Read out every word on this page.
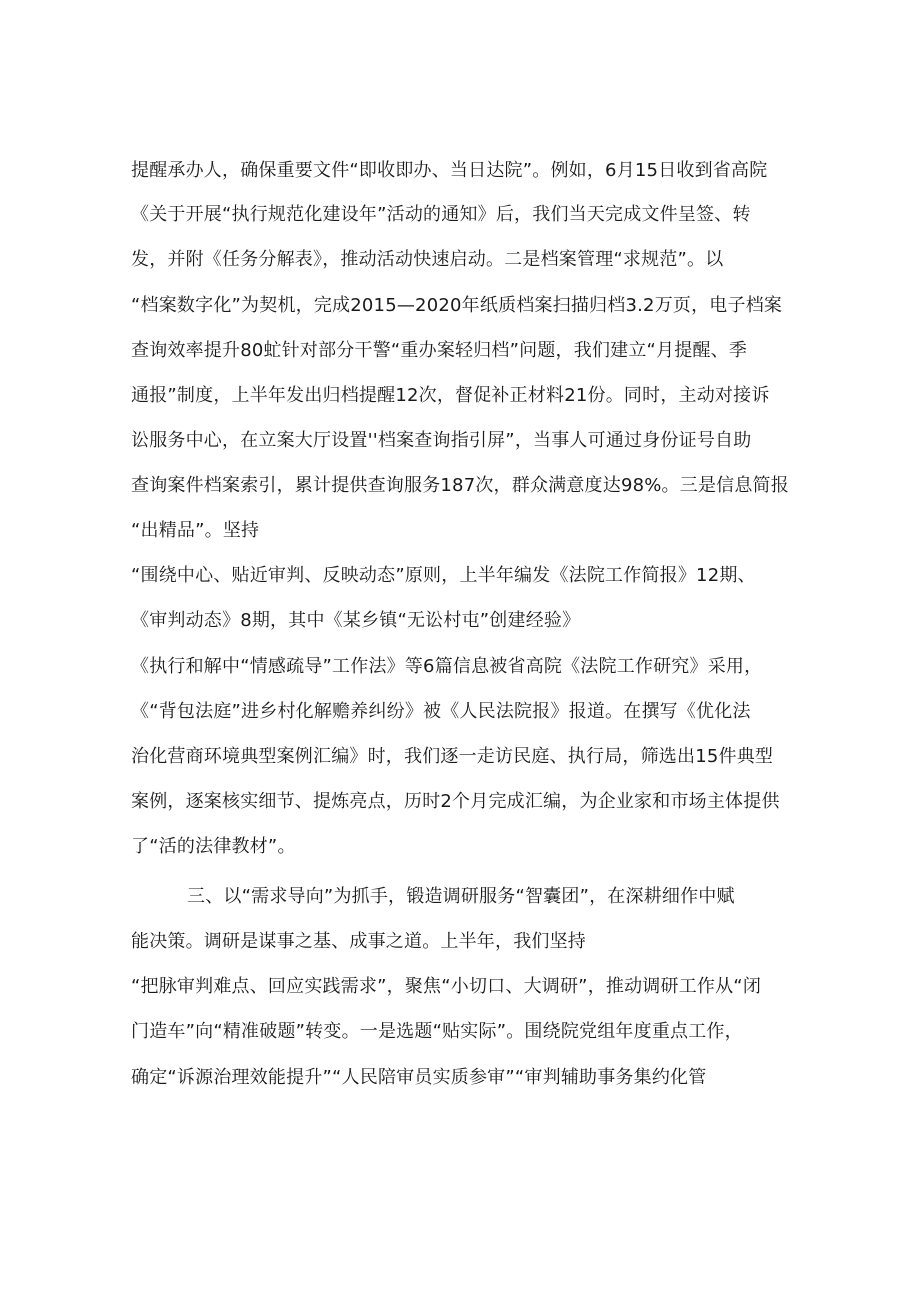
提醒承办人，确保重要文件“即收即办、当日达院”。例如，6月15日收到省高院
《关于开展“执行规范化建设年”活动的通知》后，我们当天完成文件呈签、转
发，并附《任务分解表》，推动活动快速启动。二是档案管理“求规范”。以
“档案数字化”为契机，完成2015—2020年纸质档案扫描归档3.2万页，电子档案
查询效率提升80虻针对部分干警“重办案轻归档”问题，我们建立“月提醒、季
通报”制度，上半年发出归档提醒12次，督促补正材料21份。同时，主动对接诉
讼服务中心，在立案大厅设置''档案查询指引屏”，当事人可通过身份证号自助
查询案件档案索引，累计提供查询服务187次，群众满意度达98%。三是信息简报
“出精品”。坚持
“围绕中心、贴近审判、反映动态”原则，上半年编发《法院工作简报》12期、
《审判动态》8期，其中《某乡镇“无讼村屯”创建经验》
《执行和解中“情感疏导”工作法》等6篇信息被省高院《法院工作研究》采用，
《“背包法庭”进乡村化解赡养纠纷》被《人民法院报》报道。在撰写《优化法
治化营商环境典型案例汇编》时，我们逐一走访民庭、执行局，筛选出15件典型
案例，逐案核实细节、提炼亮点，历时2个月完成汇编，为企业家和市场主体提供
了“活的法律教材”。
三、以“需求导向”为抓手，锻造调研服务“智囊团”，在深耕细作中赋
能决策。调研是谋事之基、成事之道。上半年，我们坚持
“把脉审判难点、回应实践需求”，聚焦“小切口、大调研”，推动调研工作从“闭
门造车”向“精准破题”转变。一是选题“贴实际”。围绕院党组年度重点工作，
确定“诉源治理效能提升”“人民陪审员实质参审”“审判辅助事务集约化管
